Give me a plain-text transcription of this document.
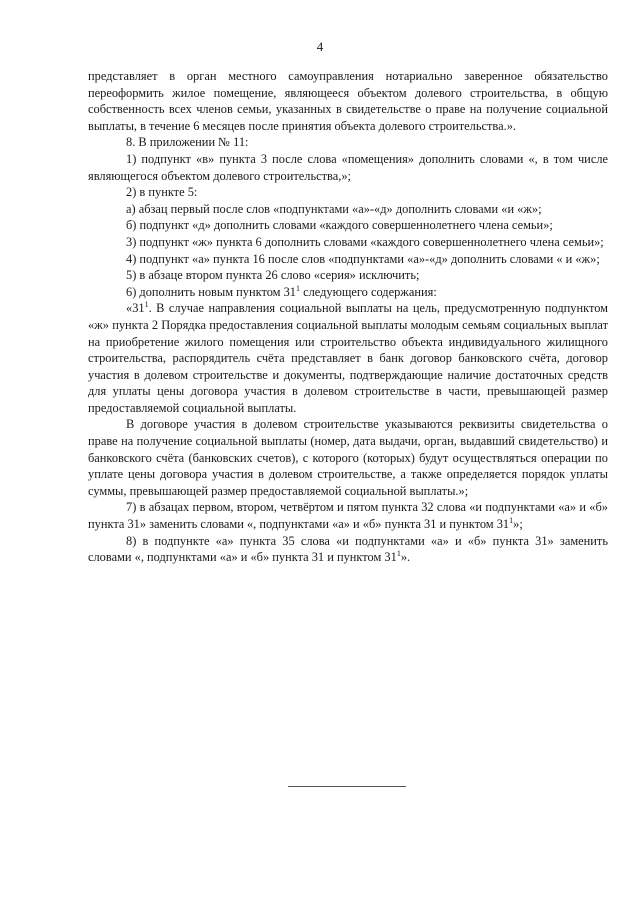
4

представляет в орган местного самоуправления нотариально заверенное обязательство переоформить жилое помещение, являющееся объектом долевого строительства, в общую собственность всех членов семьи, указанных в свидетельстве о праве на получение социальной выплаты, в течение 6 месяцев после принятия объекта долевого строительства.».

8. В приложении № 11:

1) подпункт «в» пункта 3 после слова «помещения» дополнить словами «, в том числе являющегося объектом долевого строительства,»;

2) в пункте 5:

а) абзац первый после слов «подпунктами «а»-«д» дополнить словами «и «ж»;

б) подпункт «д» дополнить словами «каждого совершеннолетнего члена семьи»;

3) подпункт «ж» пункта 6 дополнить словами «каждого совершеннолетнего члена семьи»;

4) подпункт «а» пункта 16 после слов «подпунктами «а»-«д» дополнить словами « и «ж»;

5) в абзаце втором пункта 26 слово «серия» исключить;

6) дополнить новым пунктом $31^1$ следующего содержания:

«$31^1$. В случае направления социальной выплаты на цель, предусмотренную подпунктом «ж» пункта 2 Порядка предоставления социальной выплаты молодым семьям социальных выплат на приобретение жилого помещения или строительство объекта индивидуального жилищного строительства, распорядитель счёта представляет в банк договор банковского счёта, договор участия в долевом строительстве и документы, подтверждающие наличие достаточных средств для уплаты цены договора участия в долевом строительстве в части, превышающей размер предоставляемой социальной выплаты.

В договоре участия в долевом строительстве указываются реквизиты свидетельства о праве на получение социальной выплаты (номер, дата выдачи, орган, выдавший свидетельство) и банковского счёта (банковских счетов), с которого (которых) будут осуществляться операции по уплате цены договора участия в долевом строительстве, а также определяется порядок уплаты суммы, превышающей размер предоставляемой социальной выплаты.»;

7) в абзацах первом, втором, четвёртом и пятом пункта 32 слова «и подпунктами «а» и «б» пункта 31» заменить словами «, подпунктами «а» и «б» пункта 31 и пунктом $31^1$»;

8) в подпункте «а» пункта 35 слова «и подпунктами «а» и «б» пункта 31» заменить словами «, подпунктами «а» и «б» пункта 31 и пунктом $31^1$».
